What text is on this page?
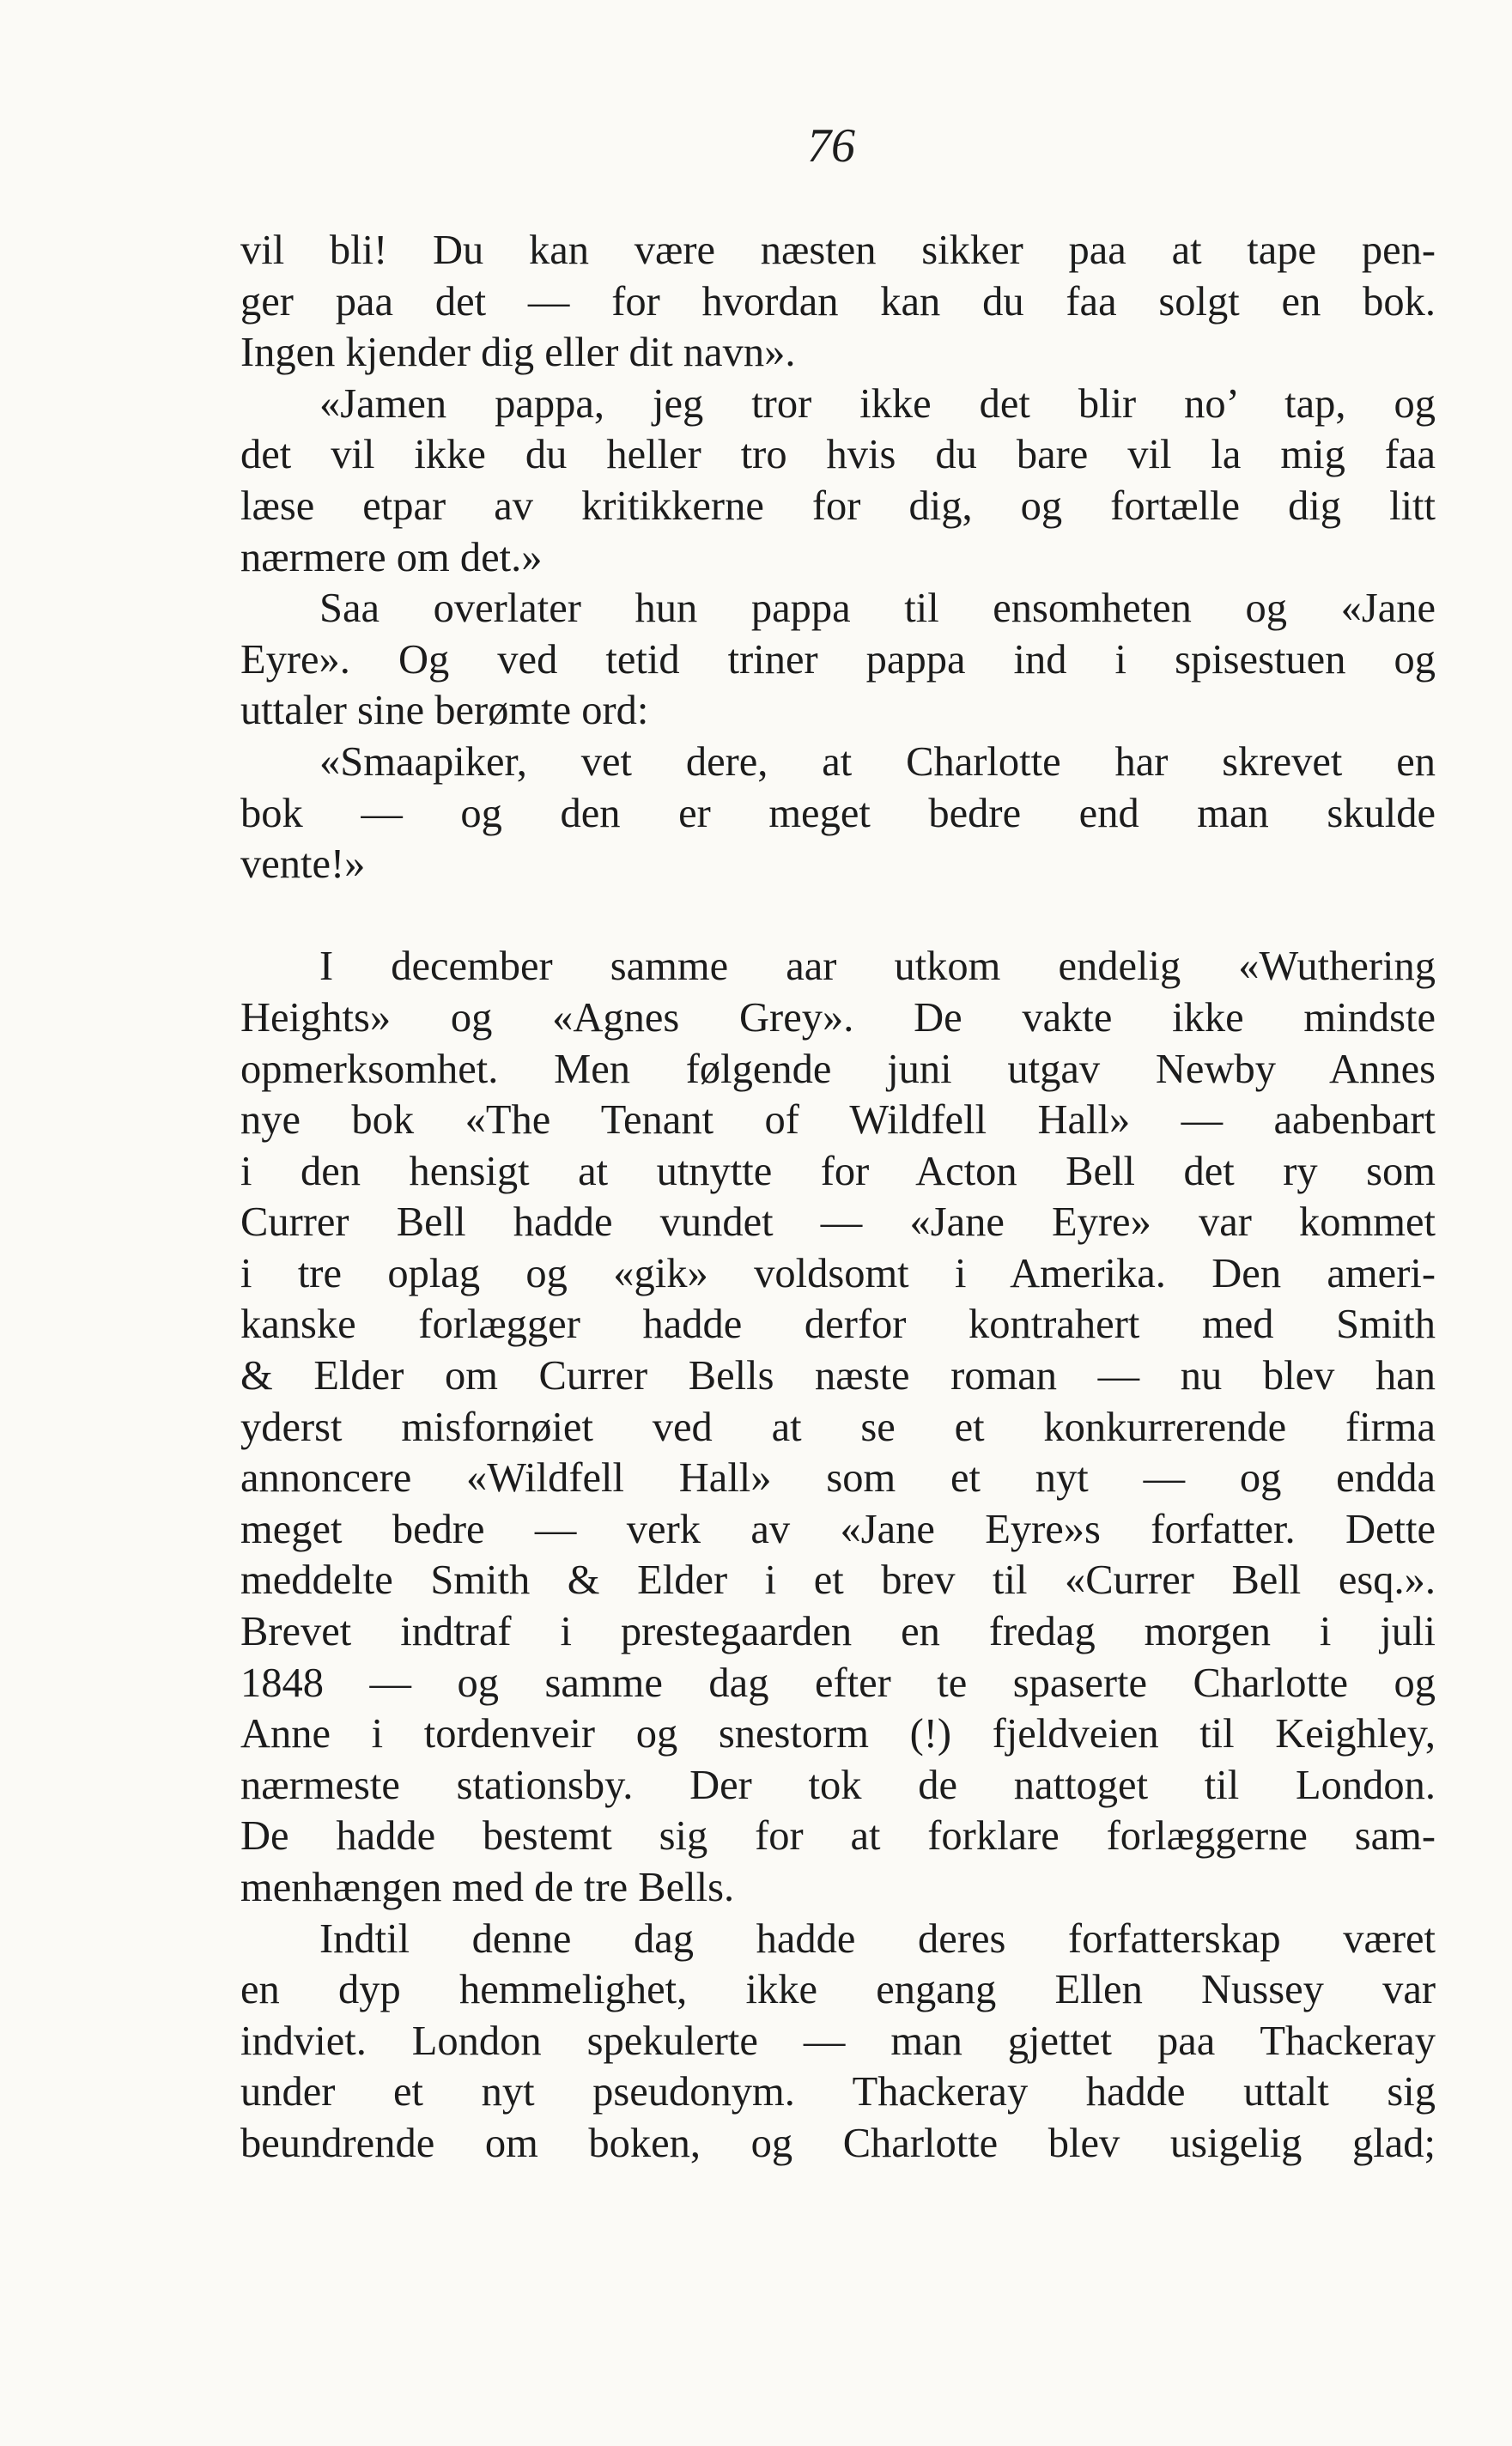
76

vil bli! Du kan være næsten sikker paa at tape pen-
ger paa det — for hvordan kan du faa solgt en bok.

Ingen kjender dig eller dit navn».

«Jamen pappa, jeg tror ikke det blir no’ tap, og
det vil ikke du heller tro hvis du bare vil la mig faa
læse etpar av kritikkerne for dig, og fortælle dig litt

nærmere om det.»

Saa overlater hun pappa til ensomheten og «Jane
Eyre». Og ved tetid triner pappa ind i spisestuen og

uttaler sine berømte ord:

«Smaapiker, vet dere, at Charlotte har skrevet en
bok — og den er meget bedre end man skulde

vente!»

I december samme aar utkom endelig «Wuthering
Heights» og «Agnes Grey». De vakte ikke mindste
opmerksomhet. Men følgende juni utgav Newby Annes
nye bok «The Tenant of Wildfell Hall» — aabenbart
i den hensigt at utnytte for Acton Bell det ry som
Currer Bell hadde vundet — «Jane Eyre» var kommet
i tre oplag og «gik» voldsomt i Amerika. Den ameri-
kanske forlægger hadde derfor kontrahert med Smith
& Elder om Currer Bells næste roman — nu blev han
yderst misfornøiet ved at se et konkurrerende firma
annoncere «Wildfell Hall» som et nyt — og endda
meget bedre — verk av «Jane Eyre»s forfatter. Dette
meddelte Smith & Elder i et brev til «Currer Bell esq.».
Brevet indtraf i prestegaarden en fredag morgen i juli
1848 — og samme dag efter te spaserte Charlotte og
Anne i tordenveir og snestorm (!) fjeldveien til Keighley,
nærmeste stationsby. Der tok de nattoget til London.
De hadde bestemt sig for at forklare forlæggerne sam-

menhængen med de tre Bells.

Indtil denne dag hadde deres forfatterskap været
en dyp hemmelighet, ikke engang Ellen Nussey var
indviet. London spekulerte — man gjettet paa Thackeray
under et nyt pseudonym. Thackeray hadde uttalt sig
beundrende om boken, og Charlotte blev usigelig glad;
